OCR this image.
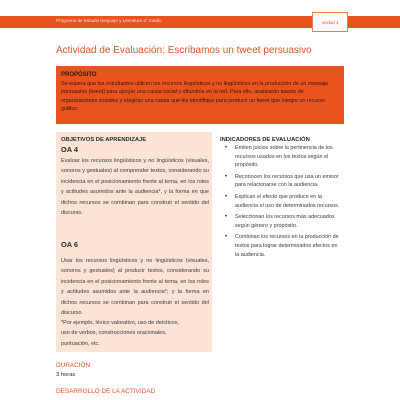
Programa de Estudio lenguaje y Literatura 4° medio	unidad 1
Actividad de Evaluación: Escribamos un tweet persuasivo
PROPÓSITO
Se espera que los estudiantes utilicen los recursos lingüísticos y no lingüísticos en la producción de un mensaje persuasivo (tweet) para apoyar una causa social y difundirla en la red. Para ello, analizarán tweets de organizaciones sociales y elegirán una causa que les identifique para producir un tweet que integre un recurso gráfico.
OBJETIVOS DE APRENDIZAJE
OA 4
Evaluar los recursos lingüísticos y no lingüísticos (visuales, sonoros y gestuales) al comprender textos, considerando su incidencia en el posicionamiento frente al tema, en los roles y actitudes asumidos ante la audiencia*, y la forma en que dichos recursos se combinan para construir el sentido del discurso.
OA 6
Usar los recursos lingüísticos y no lingüísticos (visuales, sonoros y gestuales) al producir textos, considerando su incidencia en el posicionamiento frente al tema, en los roles y actitudes asumidos ante la audiencia*; y la forma en dichos recursos se combinan para construir el sentido del discurso.
*Por ejemplo, léxico valorativo, uso de deícticos, uso de verbos, construcciones oracionales, puntuación, etc.
INDICADORES DE EVALUACIÓN
• Emiten juicios sobre la pertinencia de los recursos usados en los textos según el propósito.
• Reconocen los recursos que usa un emisor para relacionarse con la audiencia.
• Explican el efecto que produce en la audiencia el uso de determinados recursos.
• Seleccionan los recursos más adecuados según género y propósito.
• Combinan los recursos en la producción de textos para lograr determinados efectos en la audiencia.
DURACIÓN
3 horas
DESARROLLO DE LA ACTIVIDAD
